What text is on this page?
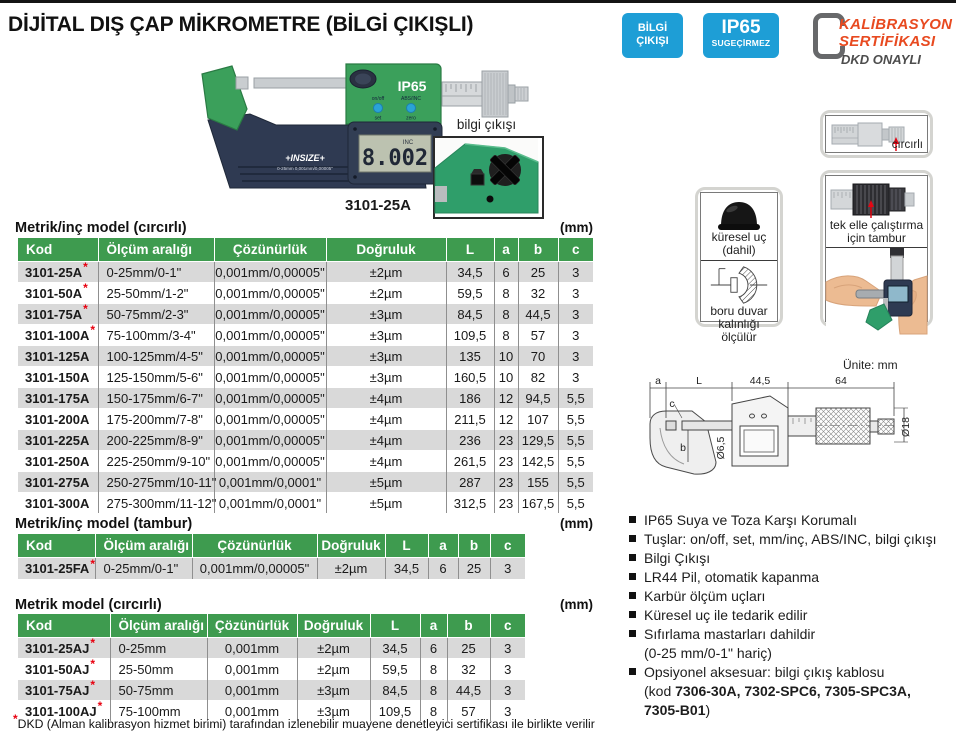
DİJİTAL DIŞ ÇAP MİKROMETRE (BİLGİ ÇIKIŞLI)	BİLGİ
ÇIKIŞI
IP65
SUGEÇİRMEZ
KALİBRASYON
SERTİFİKASI
DKD ONAYLI
+INSIZE+
0-25mm 0,001mm/0,00005"
IP65
on/off	ABS/INC
set	zero
INC
8.002
3101-25A
bilgi çıkışı
cırcırlı
küresel uç
(dahil)
boru duvar
kalınlığı ölçülür
tek elle çalıştırma
için tambur
Ünite: mm
a	L	44,5	64
c
b	Ø6,5
Ø18
Metrik/inç model (cırcırlı)	(mm)
Kod	Ölçüm aralığı	Çözünürlük	Doğruluk	L	a	b	c
3101-25A*	0-25mm/0-1"	0,001mm/0,00005"	±2µm	34,5	6	25	3
3101-50A*	25-50mm/1-2"	0,001mm/0,00005"	±2µm	59,5	8	32	3
3101-75A*	50-75mm/2-3"	0,001mm/0,00005"	±3µm	84,5	8	44,5	3
3101-100A*	75-100mm/3-4"	0,001mm/0,00005"	±3µm	109,5	8	57	3
3101-125A	100-125mm/4-5"	0,001mm/0,00005"	±3µm	135	10	70	3
3101-150A	125-150mm/5-6"	0,001mm/0,00005"	±3µm	160,5	10	82	3
3101-175A	150-175mm/6-7"	0,001mm/0,00005"	±4µm	186	12	94,5	5,5
3101-200A	175-200mm/7-8"	0,001mm/0,00005"	±4µm	211,5	12	107	5,5
3101-225A	200-225mm/8-9"	0,001mm/0,00005"	±4µm	236	23	129,5	5,5
3101-250A	225-250mm/9-10"	0,001mm/0,00005"	±4µm	261,5	23	142,5	5,5
3101-275A	250-275mm/10-11"	0,001mm/0,0001"	±5µm	287	23	155	5,5
3101-300A	275-300mm/11-12"	0,001mm/0,0001"	±5µm	312,5	23	167,5	5,5
Metrik/inç model (tambur)	(mm)
Kod	Ölçüm aralığı	Çözünürlük	Doğruluk	L	a	b	c
3101-25FA*	0-25mm/0-1"	0,001mm/0,00005"	±2µm	34,5	6	25	3
Metrik model (cırcırlı)	(mm)
Kod	Ölçüm aralığı	Çözünürlük	Doğruluk	L	a	b	c
3101-25AJ*	0-25mm	0,001mm	±2µm	34,5	6	25	3
3101-50AJ*	25-50mm	0,001mm	±2µm	59,5	8	32	3
3101-75AJ*	50-75mm	0,001mm	±3µm	84,5	8	44,5	3
3101-100AJ*	75-100mm	0,001mm	±3µm	109,5	8	57	3
IP65 Suya ve Toza Karşı Korumalı
Tuşlar: on/off, set, mm/inç, ABS/INC, bilgi çıkışı
Bilgi Çıkışı
LR44 Pil, otomatik kapanma
Karbür ölçüm uçları
Küresel uç ile tedarik edilir
Sıfırlama mastarları dahildir
(0-25 mm/0-1" hariç)
Opsiyonel aksesuar: bilgi çıkış kablosu
(kod 7306-30A, 7302-SPC6, 7305-SPC3A,
7305-B01)
*DKD (Alman kalibrasyon hizmet birimi) tarafından izlenebilir muayene denetleyici sertifikası ile birlikte verilir
